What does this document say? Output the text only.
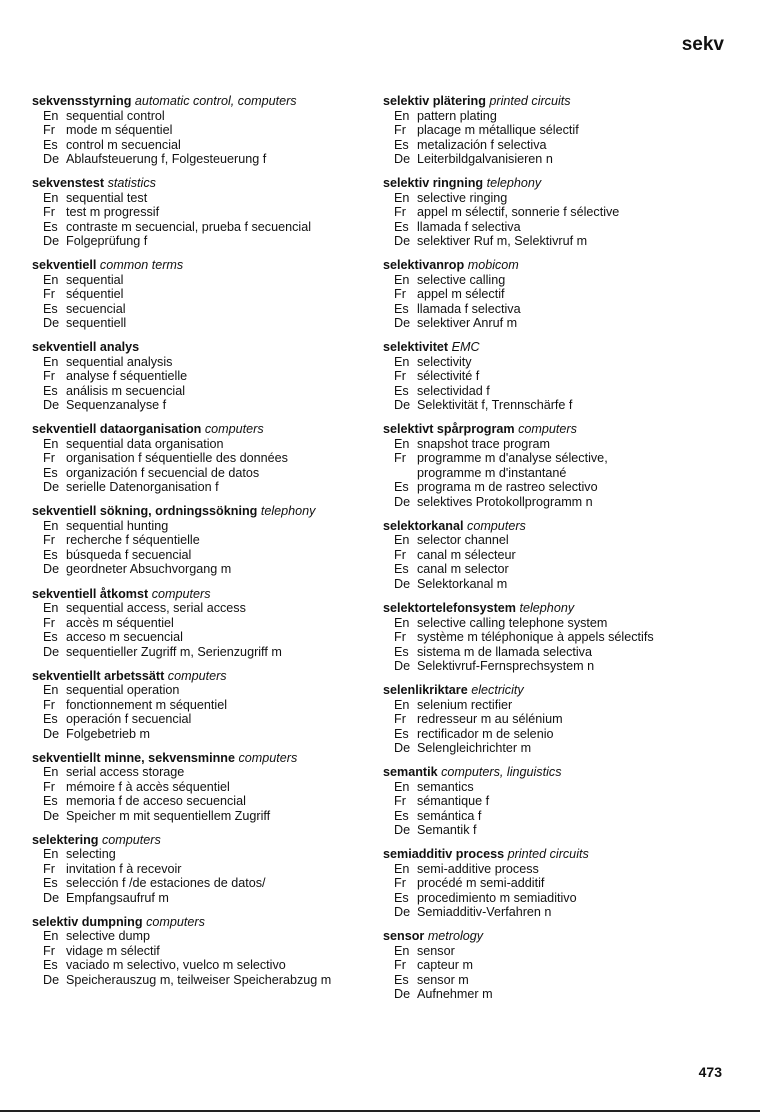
sekv
sekvensstyrning automatic control, computers
En sequential control
Fr mode m séquentiel
Es control m secuencial
De Ablaufsteuerung f, Folgesteuerung f
sekvenstest statistics
En sequential test
Fr test m progressif
Es contraste m secuencial, prueba f secuencial
De Folgeprüfung f
sekventiell common terms
En sequential
Fr séquentiel
Es secuencial
De sequentiell
sekventiell analys
En sequential analysis
Fr analyse f séquentielle
Es análisis m secuencial
De Sequenzanalyse f
sekventiell dataorganisation computers
En sequential data organisation
Fr organisation f séquentielle des données
Es organización f secuencial de datos
De serielle Datenorganisation f
sekventiell sökning, ordningssökning telephony
En sequential hunting
Fr recherche f séquentielle
Es búsqueda f secuencial
De geordneter Absuchvorgang m
sekventiell åtkomst computers
En sequential access, serial access
Fr accès m séquentiel
Es acceso m secuencial
De sequentieller Zugriff m, Serienzugriff m
sekventiellt arbetssätt computers
En sequential operation
Fr fonctionnement m séquentiel
Es operación f secuencial
De Folgebetrieb m
sekventiellt minne, sekvensminne computers
En serial access storage
Fr mémoire f à accès séquentiel
Es memoria f de acceso secuencial
De Speicher m mit sequentiellem Zugriff
selektering computers
En selecting
Fr invitation f à recevoir
Es selección f /de estaciones de datos/
De Empfangsaufruf m
selektiv dumpning computers
En selective dump
Fr vidage m sélectif
Es vaciado m selectivo, vuelco m selectivo
De Speicherauszug m, teilweiser Speicherabzug m
selektiv plätering printed circuits
En pattern plating
Fr placage m métallique sélectif
Es metalización f selectiva
De Leiterbildgalvanisieren n
selektiv ringning telephony
En selective ringing
Fr appel m sélectif, sonnerie f sélective
Es llamada f selectiva
De selektiver Ruf m, Selektivruf m
selektivanrop mobicom
En selective calling
Fr appel m sélectif
Es llamada f selectiva
De selektiver Anruf m
selektivitet EMC
En selectivity
Fr sélectivité f
Es selectividad f
De Selektivität f, Trennschärfe f
selektivt spårprogram computers
En snapshot trace program
Fr programme m d'analyse sélective,
programme m d'instantané
Es programa m de rastreo selectivo
De selektives Protokollprogramm n
selektorkanal computers
En selector channel
Fr canal m sélecteur
Es canal m selector
De Selektorkanal m
selektortelefonsystem telephony
En selective calling telephone system
Fr système m téléphonique à appels sélectifs
Es sistema m de llamada selectiva
De Selektivruf-Fernsprechsystem n
selenlikriktare electricity
En selenium rectifier
Fr redresseur m au sélénium
Es rectificador m de selenio
De Selengleichrichter m
semantik computers, linguistics
En semantics
Fr sémantique f
Es semántica f
De Semantik f
semiadditiv process printed circuits
En semi-additive process
Fr procédé m semi-additif
Es procedimiento m semiaditivo
De Semiadditiv-Verfahren n
sensor metrology
En sensor
Fr capteur m
Es sensor m
De Aufnehmer m
473
